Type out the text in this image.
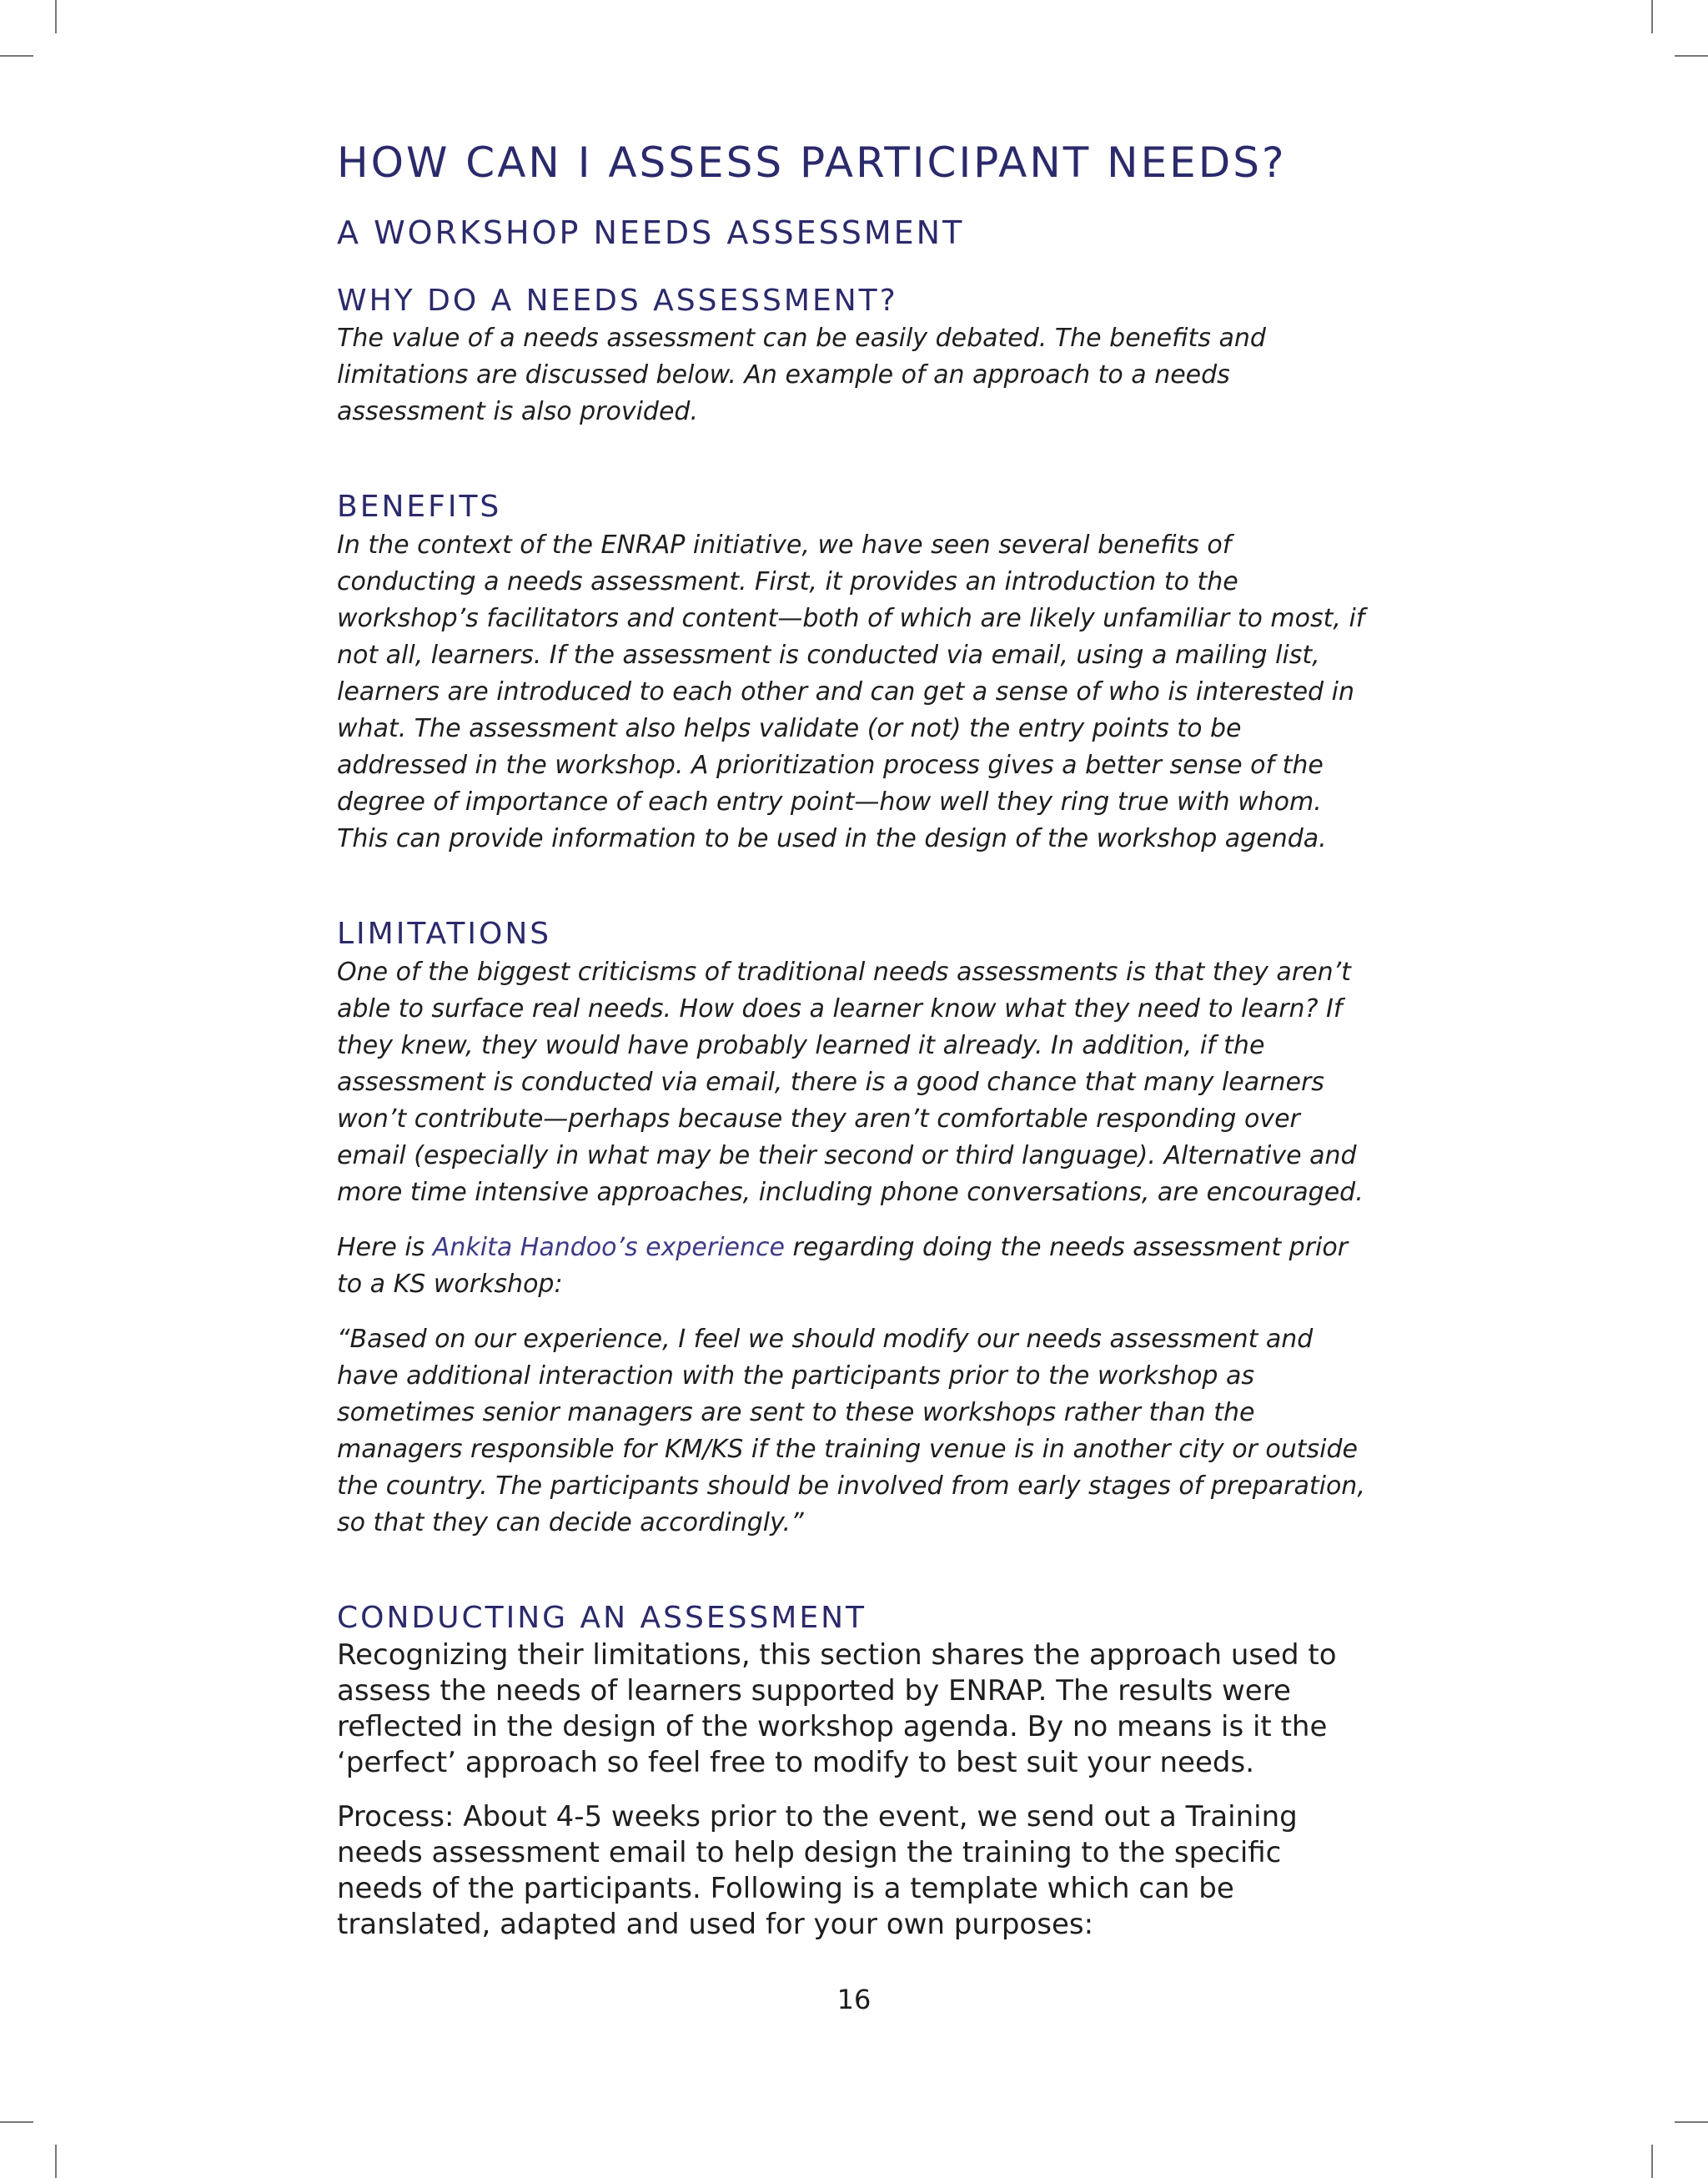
HOW CAN I ASSESS PARTICIPANT NEEDS?
A WORKSHOP NEEDS ASSESSMENT
WHY DO A NEEDS ASSESSMENT?

The value of a needs assessment can be easily debated. The benefits and limitations are discussed below. An example of an approach to a needs assessment is also provided.

BENEFITS

In the context of the ENRAP initiative, we have seen several benefits of conducting a needs assessment. First, it provides an introduction to the workshop’s facilitators and content—both of which are likely unfamiliar to most, if not all, learners. If the assessment is conducted via email, using a mailing list, learners are introduced to each other and can get a sense of who is interested in what. The assessment also helps validate (or not) the entry points to be addressed in the workshop. A prioritization process gives a better sense of the degree of importance of each entry point—how well they ring true with whom. This can provide information to be used in the design of the workshop agenda.

LIMITATIONS

One of the biggest criticisms of traditional needs assessments is that they aren’t able to surface real needs. How does a learner know what they need to learn? If they knew, they would have probably learned it already. In addition, if the assessment is conducted via email, there is a good chance that many learners won’t contribute—perhaps because they aren’t comfortable responding over email (especially in what may be their second or third language). Alternative and more time intensive approaches, including phone conversations, are encouraged.

Here is Ankita Handoo’s experience regarding doing the needs assessment prior to a KS workshop:

“Based on our experience, I feel we should modify our needs assessment and have additional interaction with the participants prior to the workshop as sometimes senior managers are sent to these workshops rather than the managers responsible for KM/KS if the training venue is in another city or outside the country. The participants should be involved from early stages of preparation, so that they can decide accordingly.”

CONDUCTING AN ASSESSMENT

Recognizing their limitations, this section shares the approach used to assess the needs of learners supported by ENRAP. The results were reflected in the design of the workshop agenda. By no means is it the ‘perfect’ approach so feel free to modify to best suit your needs.

Process: About 4-5 weeks prior to the event, we send out a Training needs assessment email to help design the training to the specific needs of the participants. Following is a template which can be translated, adapted and used for your own purposes:

16
